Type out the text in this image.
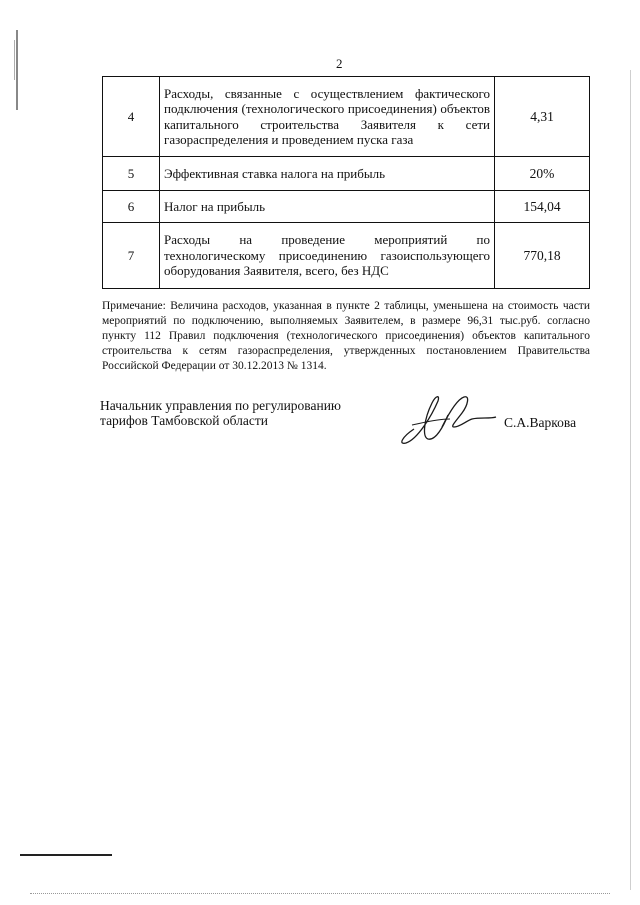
2
4	Расходы, связанные с осуществлением фактического подключения (технологического присоединения) объектов капитального строительства Заявителя к сети газораспределения и проведением пуска газа	4,31
5	Эффективная ставка налога на прибыль	20%
6	Налог на прибыль	154,04
7	Расходы на проведение мероприятий по технологическому присоединению газоиспользующего оборудования Заявителя, всего, без НДС	770,18
Примечание: Величина расходов, указанная в пункте 2 таблицы, уменьшена на стоимость части мероприятий по подключению, выполняемых Заявителем, в размере 96,31 тыс.руб. согласно пункту 112 Правил подключения (технологического присоединения) объектов капитального строительства к сетям газораспределения, утвержденных постановлением Правительства Российской Федерации от 30.12.2013 № 1314.
Начальник управления по регулированию
тарифов Тамбовской области	С.А.Варкова
